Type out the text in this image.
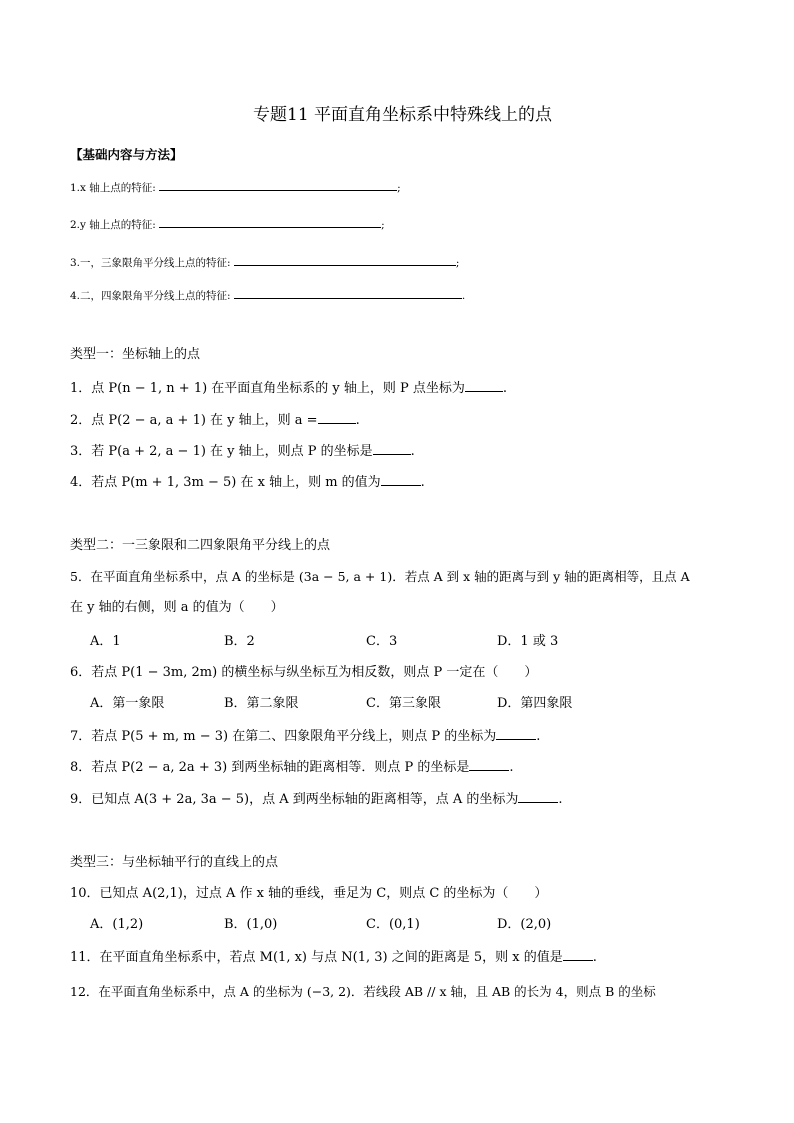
专题11 平面直角坐标系中特殊线上的点
【基础内容与方法】
1.x 轴上点的特征:	;
2.y 轴上点的特征:	;
3.一，三象限角平分线上点的特征:	;
4.二，四象限角平分线上点的特征:	.
类型一：坐标轴上的点
1．点 P(n − 1, n + 1) 在平面直角坐标系的 y 轴上，则 P 点坐标为	.
2．点 P(2 − a, a + 1) 在 y 轴上，则 a =	.
3．若 P(a + 2, a − 1) 在 y 轴上，则点 P 的坐标是	.
4．若点 P(m + 1, 3m − 5) 在 x 轴上，则 m 的值为	.
类型二：一三象限和二四象限角平分线上的点
5．在平面直角坐标系中，点 A 的坐标是 (3a − 5, a + 1)．若点 A 到 x 轴的距离与到 y 轴的距离相等，且点 A
在 y 轴的右侧，则 a 的值为（　　）
A．1	B．2	C．3	D．1 或 3
6．若点 P(1 − 3m, 2m) 的横坐标与纵坐标互为相反数，则点 P 一定在（　　）
A．第一象限	B．第二象限	C．第三象限	D．第四象限
7．若点 P(5 + m, m − 3) 在第二、四象限角平分线上，则点 P 的坐标为	.
8．若点 P(2 − a, 2a + 3) 到两坐标轴的距离相等．则点 P 的坐标是	.
9．已知点 A(3 + 2a, 3a − 5)，点 A 到两坐标轴的距离相等，点 A 的坐标为	.
类型三：与坐标轴平行的直线上的点
10．已知点 A(2,1)，过点 A 作 x 轴的垂线，垂足为 C，则点 C 的坐标为（　　）
A．(1,2)	B．(1,0)	C．(0,1)	D．(2,0)
11．在平面直角坐标系中，若点 M(1, x) 与点 N(1, 3) 之间的距离是 5，则 x 的值是 .
12．在平面直角坐标系中，点 A 的坐标为 (−3, 2)．若线段 AB // x 轴，且 AB 的长为 4，则点 B 的坐标
